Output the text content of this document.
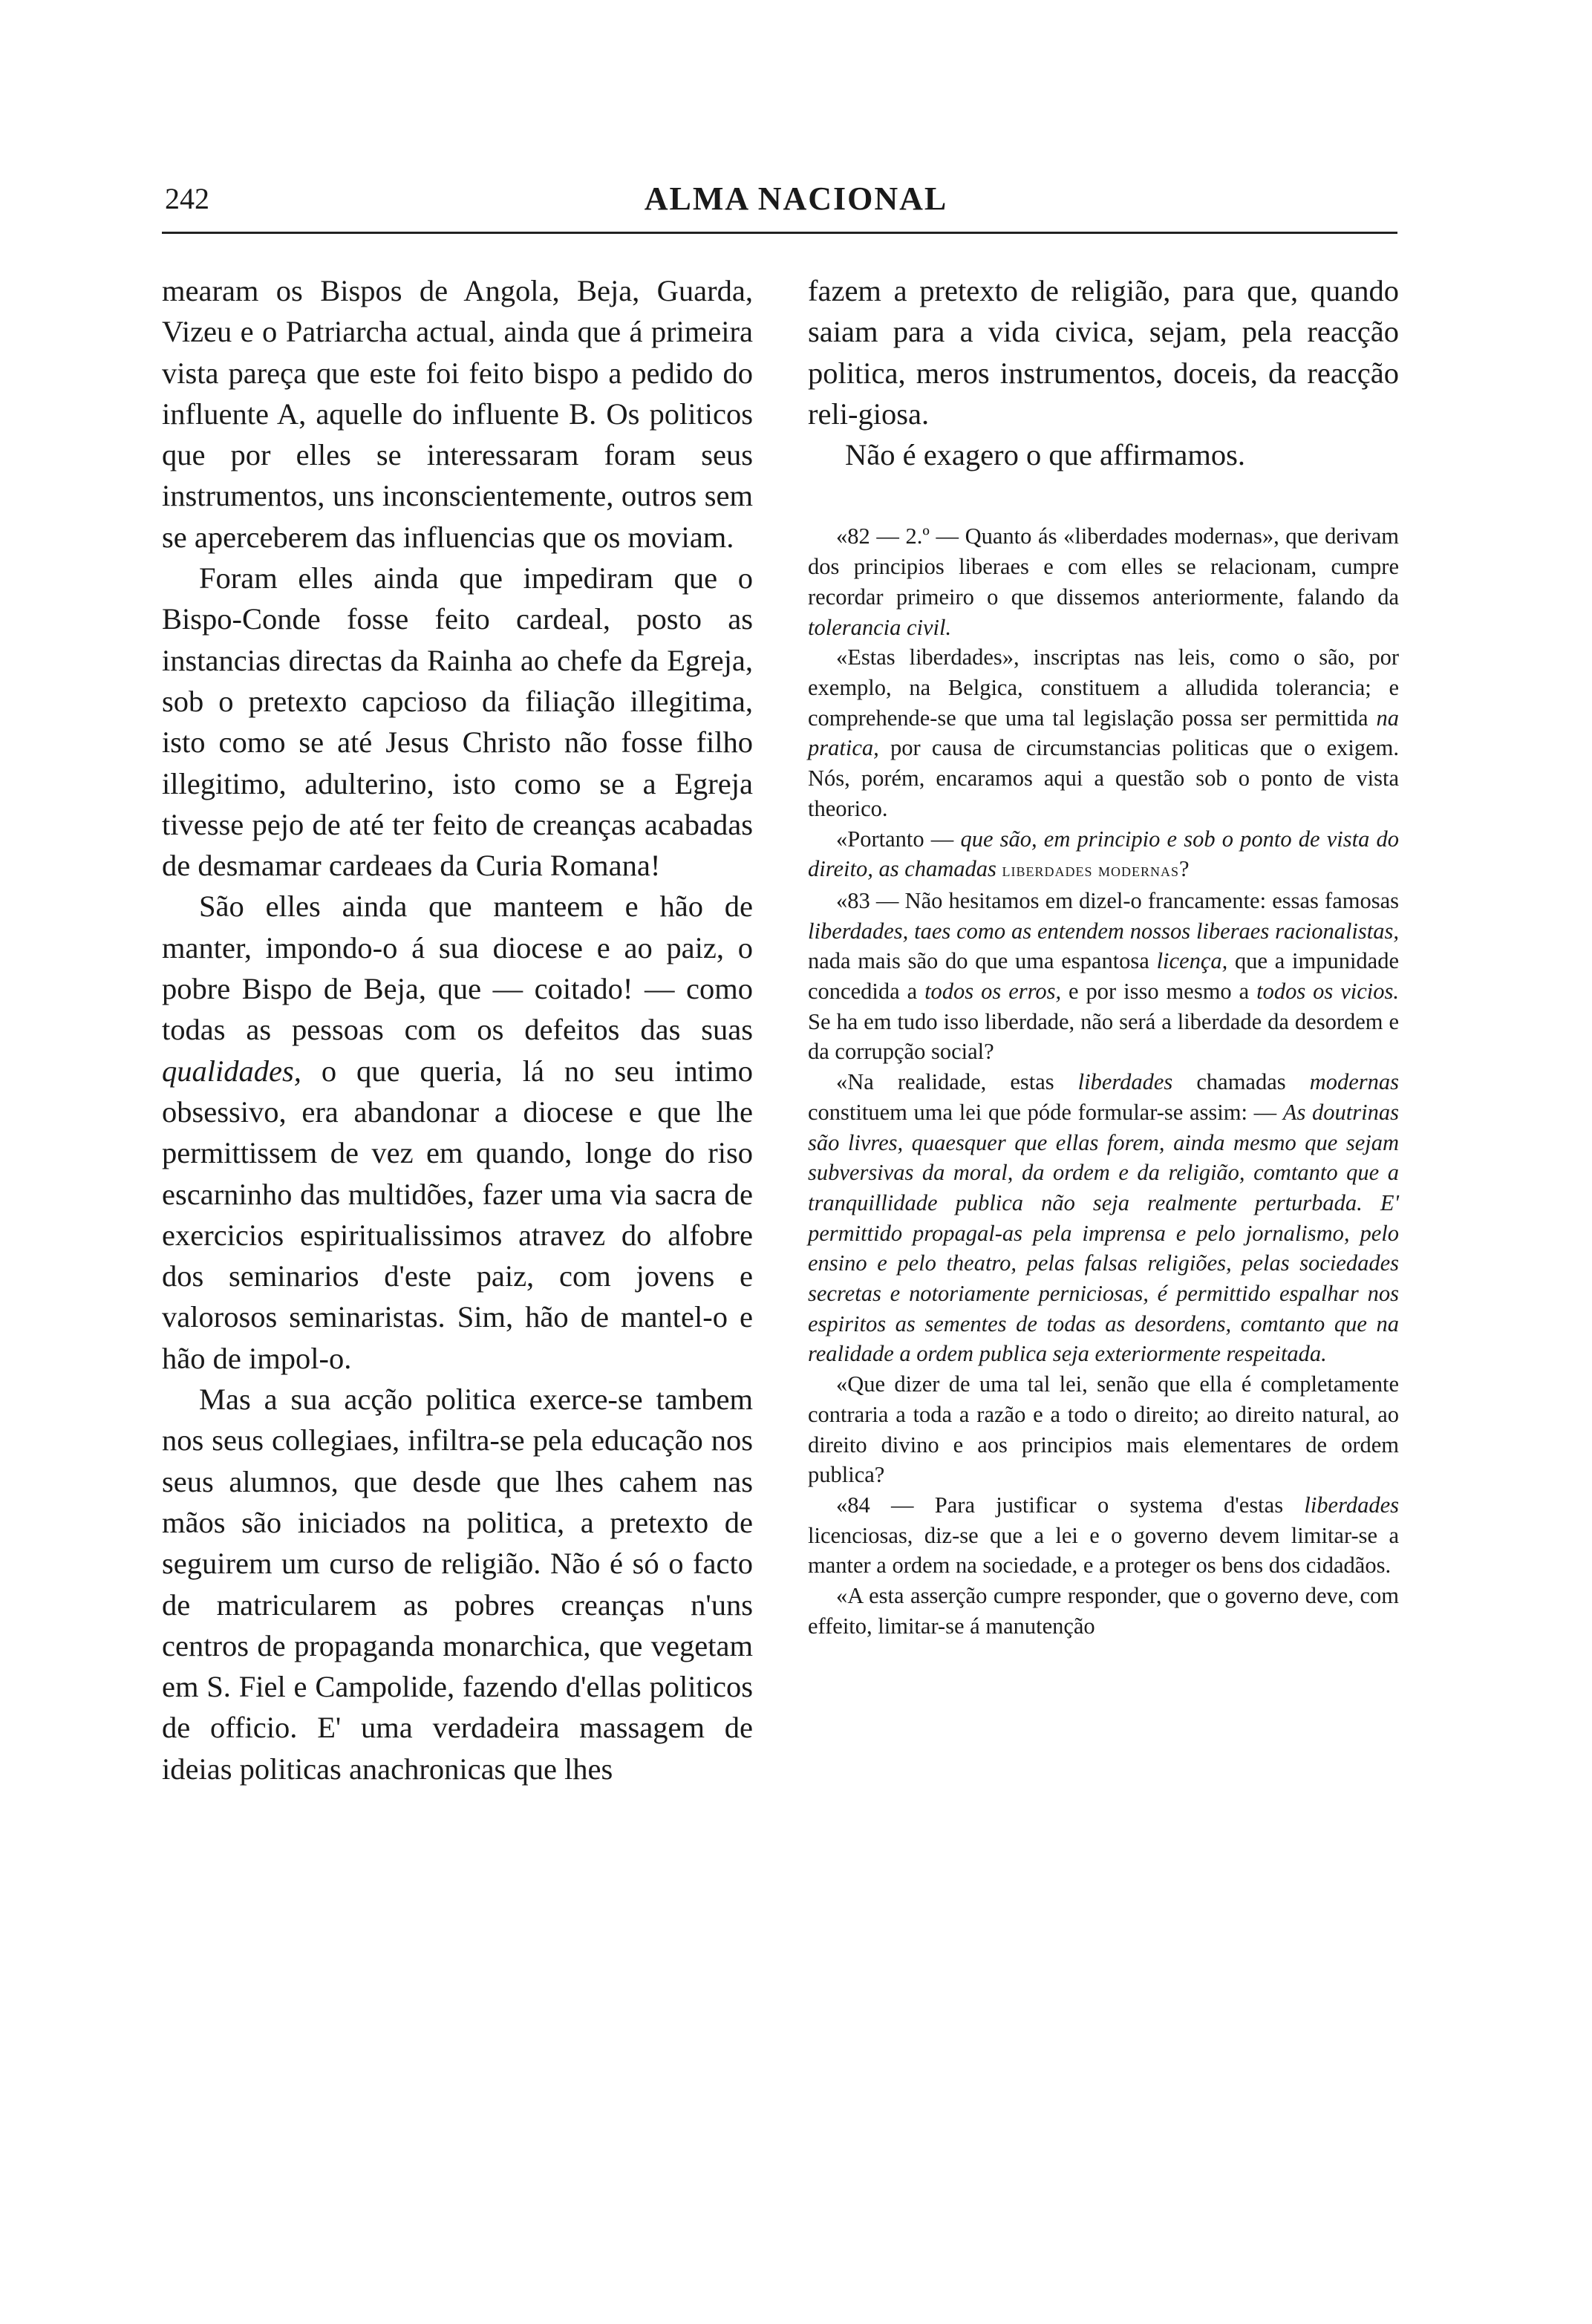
242	ALMA NACIONAL

mearam os Bispos de Angola, Beja, Guarda, Vizeu e o Patriarcha actual, ainda que á primeira vista pareça que este foi feito bispo a pedido do influente A, aquelle do influente B. Os politicos que por elles se interessaram foram seus instrumentos, uns inconscientemente, outros sem se aperceberem das influencias que os moviam.

Foram elles ainda que impediram que o Bispo-Conde fosse feito cardeal, posto as instancias directas da Rainha ao chefe da Egreja, sob o pretexto capcioso da filiação illegitima, isto como se até Jesus Christo não fosse filho illegitimo, adulterino, isto como se a Egreja tivesse pejo de até ter feito de creanças acabadas de desmamar cardeaes da Curia Romana!

São elles ainda que manteem e hão de manter, impondo-o á sua diocese e ao paiz, o pobre Bispo de Beja, que — coitado! — como todas as pessoas com os defeitos das suas qualidades, o que queria, lá no seu intimo obsessivo, era abandonar a diocese e que lhe permittissem de vez em quando, longe do riso escarninho das multidões, fazer uma via sacra de exercicios espiritualissimos atravez do alfobre dos seminarios d'este paiz, com jovens e valorosos seminaristas. Sim, hão de mantel-o e hão de impol-o.

Mas a sua acção politica exerce-se tambem nos seus collegiaes, infiltra-se pela educação nos seus alumnos, que desde que lhes cahem nas mãos são iniciados na politica, a pretexto de seguirem um curso de religião. Não é só o facto de matricularem as pobres creanças n'uns centros de propaganda monarchica, que vegetam em S. Fiel e Campolide, fazendo d'ellas politicos de officio. E' uma verdadeira massagem de ideias politicas anachronicas que lhes

fazem a pretexto de religião, para que, quando saiam para a vida civica, sejam, pela reacção politica, meros instrumentos, doceis, da reacção reli-giosa.

Não é exagero o que affirmamos.

«82 — 2.º — Quanto ás «liberdades modernas», que derivam dos principios liberaes e com elles se relacionam, cumpre recordar primeiro o que dissemos anteriormente, falando da tolerancia civil.

«Estas liberdades», inscriptas nas leis, como o são, por exemplo, na Belgica, constituem a alludida tolerancia; e comprehende-se que uma tal legislação possa ser permittida na pratica, por causa de circumstancias politicas que o exigem. Nós, porém, encaramos aqui a questão sob o ponto de vista theorico.

«Portanto — que são, em principio e sob o ponto de vista do direito, as chamadas liberdades modernas?

«83 — Não hesitamos em dizel-o francamente: essas famosas liberdades, taes como as entendem nossos liberaes racionalistas, nada mais são do que uma espantosa licença, que a impunidade concedida a todos os erros, e por isso mesmo a todos os vicios. Se ha em tudo isso liberdade, não será a liberdade da desordem e da corrupção social?

«Na realidade, estas liberdades chamadas modernas constituem uma lei que póde formular-se assim: — As doutrinas são livres, quaesquer que ellas forem, ainda mesmo que sejam subversivas da moral, da ordem e da religião, comtanto que a tranquillidade publica não seja realmente perturbada. E' permittido propagal-as pela imprensa e pelo jornalismo, pelo ensino e pelo theatro, pelas falsas religiões, pelas sociedades secretas e notoriamente perniciosas, é permittido espalhar nos espiritos as sementes de todas as desordens, comtanto que na realidade a ordem publica seja exteriormente respeitada.

«Que dizer de uma tal lei, senão que ella é completamente contraria a toda a razão e a todo o direito; ao direito natural, ao direito divino e aos principios mais elementares de ordem publica?

«84 — Para justificar o systema d'estas liberdades licenciosas, diz-se que a lei e o governo devem limitar-se a manter a ordem na sociedade, e a proteger os bens dos cidadãos.

«A esta asserção cumpre responder, que o governo deve, com effeito, limitar-se á manutenção
